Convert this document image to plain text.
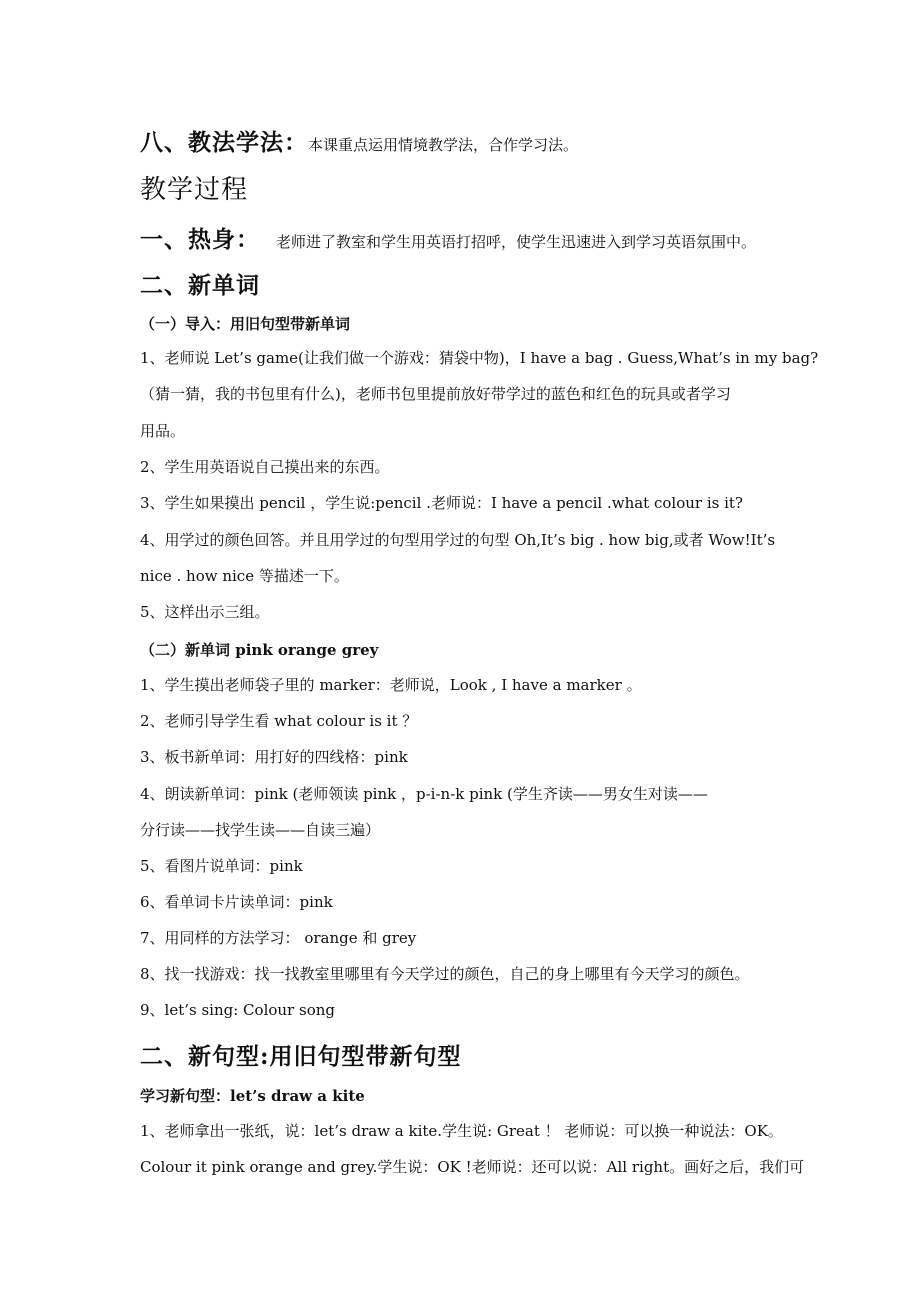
八、教法学法：本课重点运用情境教学法，合作学习法。
教学过程
一、热身： 老师进了教室和学生用英语打招呼，使学生迅速进入到学习英语氛围中。
二、新单词
（一）导入：用旧句型带新单词
1、老师说 Let’s game(让我们做一个游戏：猜袋中物)，I have a bag . Guess,What’s in my bag?
（猜一猜，我的书包里有什么)，老师书包里提前放好带学过的蓝色和红色的玩具或者学习
用品。
2、学生用英语说自己摸出来的东西。
3、学生如果摸出 pencil ，学生说:pencil .老师说：I have a pencil .what colour is it?
4、用学过的颜色回答。并且用学过的句型用学过的句型 Oh,It’s big . how big,或者 Wow!It’s
nice . how nice 等描述一下。
5、这样出示三组。
（二）新单词 pink orange grey
1、学生摸出老师袋子里的 marker：老师说，Look , I have a marker 。
2、老师引导学生看 what colour is it ？
3、板书新单词：用打好的四线格：pink
4、朗读新单词：pink (老师领读 pink ，p-i-n-k pink (学生齐读——男女生对读——
分行读——找学生读——自读三遍）
5、看图片说单词：pink
6、看单词卡片读单词：pink
7、用同样的方法学习： orange 和 grey
8、找一找游戏：找一找教室里哪里有今天学过的颜色，自己的身上哪里有今天学习的颜色。
9、let’s sing: Colour song
二、新句型:用旧句型带新句型
学习新句型：let’s draw a kite
1、老师拿出一张纸，说：let’s draw a kite.学生说: Great ！ 老师说：可以换一种说法：OK。
Colour it pink orange and grey.学生说：OK !老师说：还可以说：All right。画好之后，我们可
